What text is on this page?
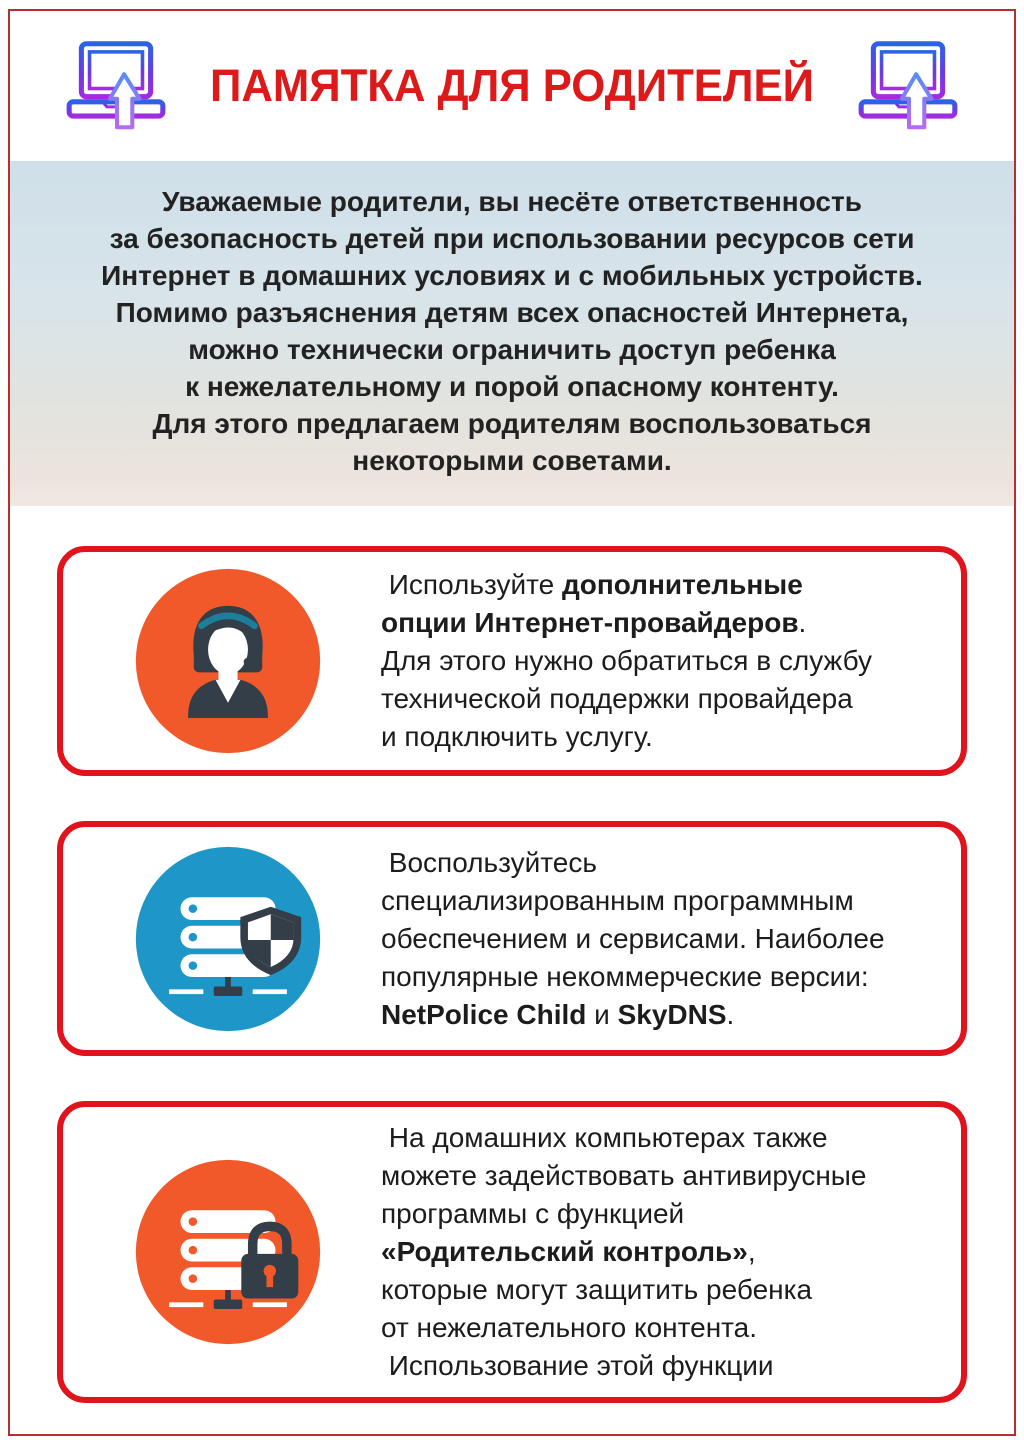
ПАМЯТКА ДЛЯ РОДИТЕЛЕЙ
Уважаемые родители, вы несёте ответственность
за безопасность детей при использовании ресурсов сети
Интернет в домашних условиях и с мобильных устройств.
Помимо разъяснения детям всех опасностей Интернета,
можно технически ограничить доступ ребенка
к нежелательному и порой опасному контенту.
Для этого предлагаем родителям воспользоваться
некоторыми советами.
Используйте дополнительные
опции Интернет-провайдеров.
Для этого нужно обратиться в службу
технической поддержки провайдера
и подключить услугу.
Воспользуйтесь
специализированным программным
обеспечением и сервисами. Наиболее
популярные некоммерческие версии:
NetPolice Child и SkyDNS.
На домашних компьютерах также
можете задействовать антивирусные
программы с функцией
«Родительский контроль»,
которые могут защитить ребенка
от нежелательного контента.
Использование этой функции
